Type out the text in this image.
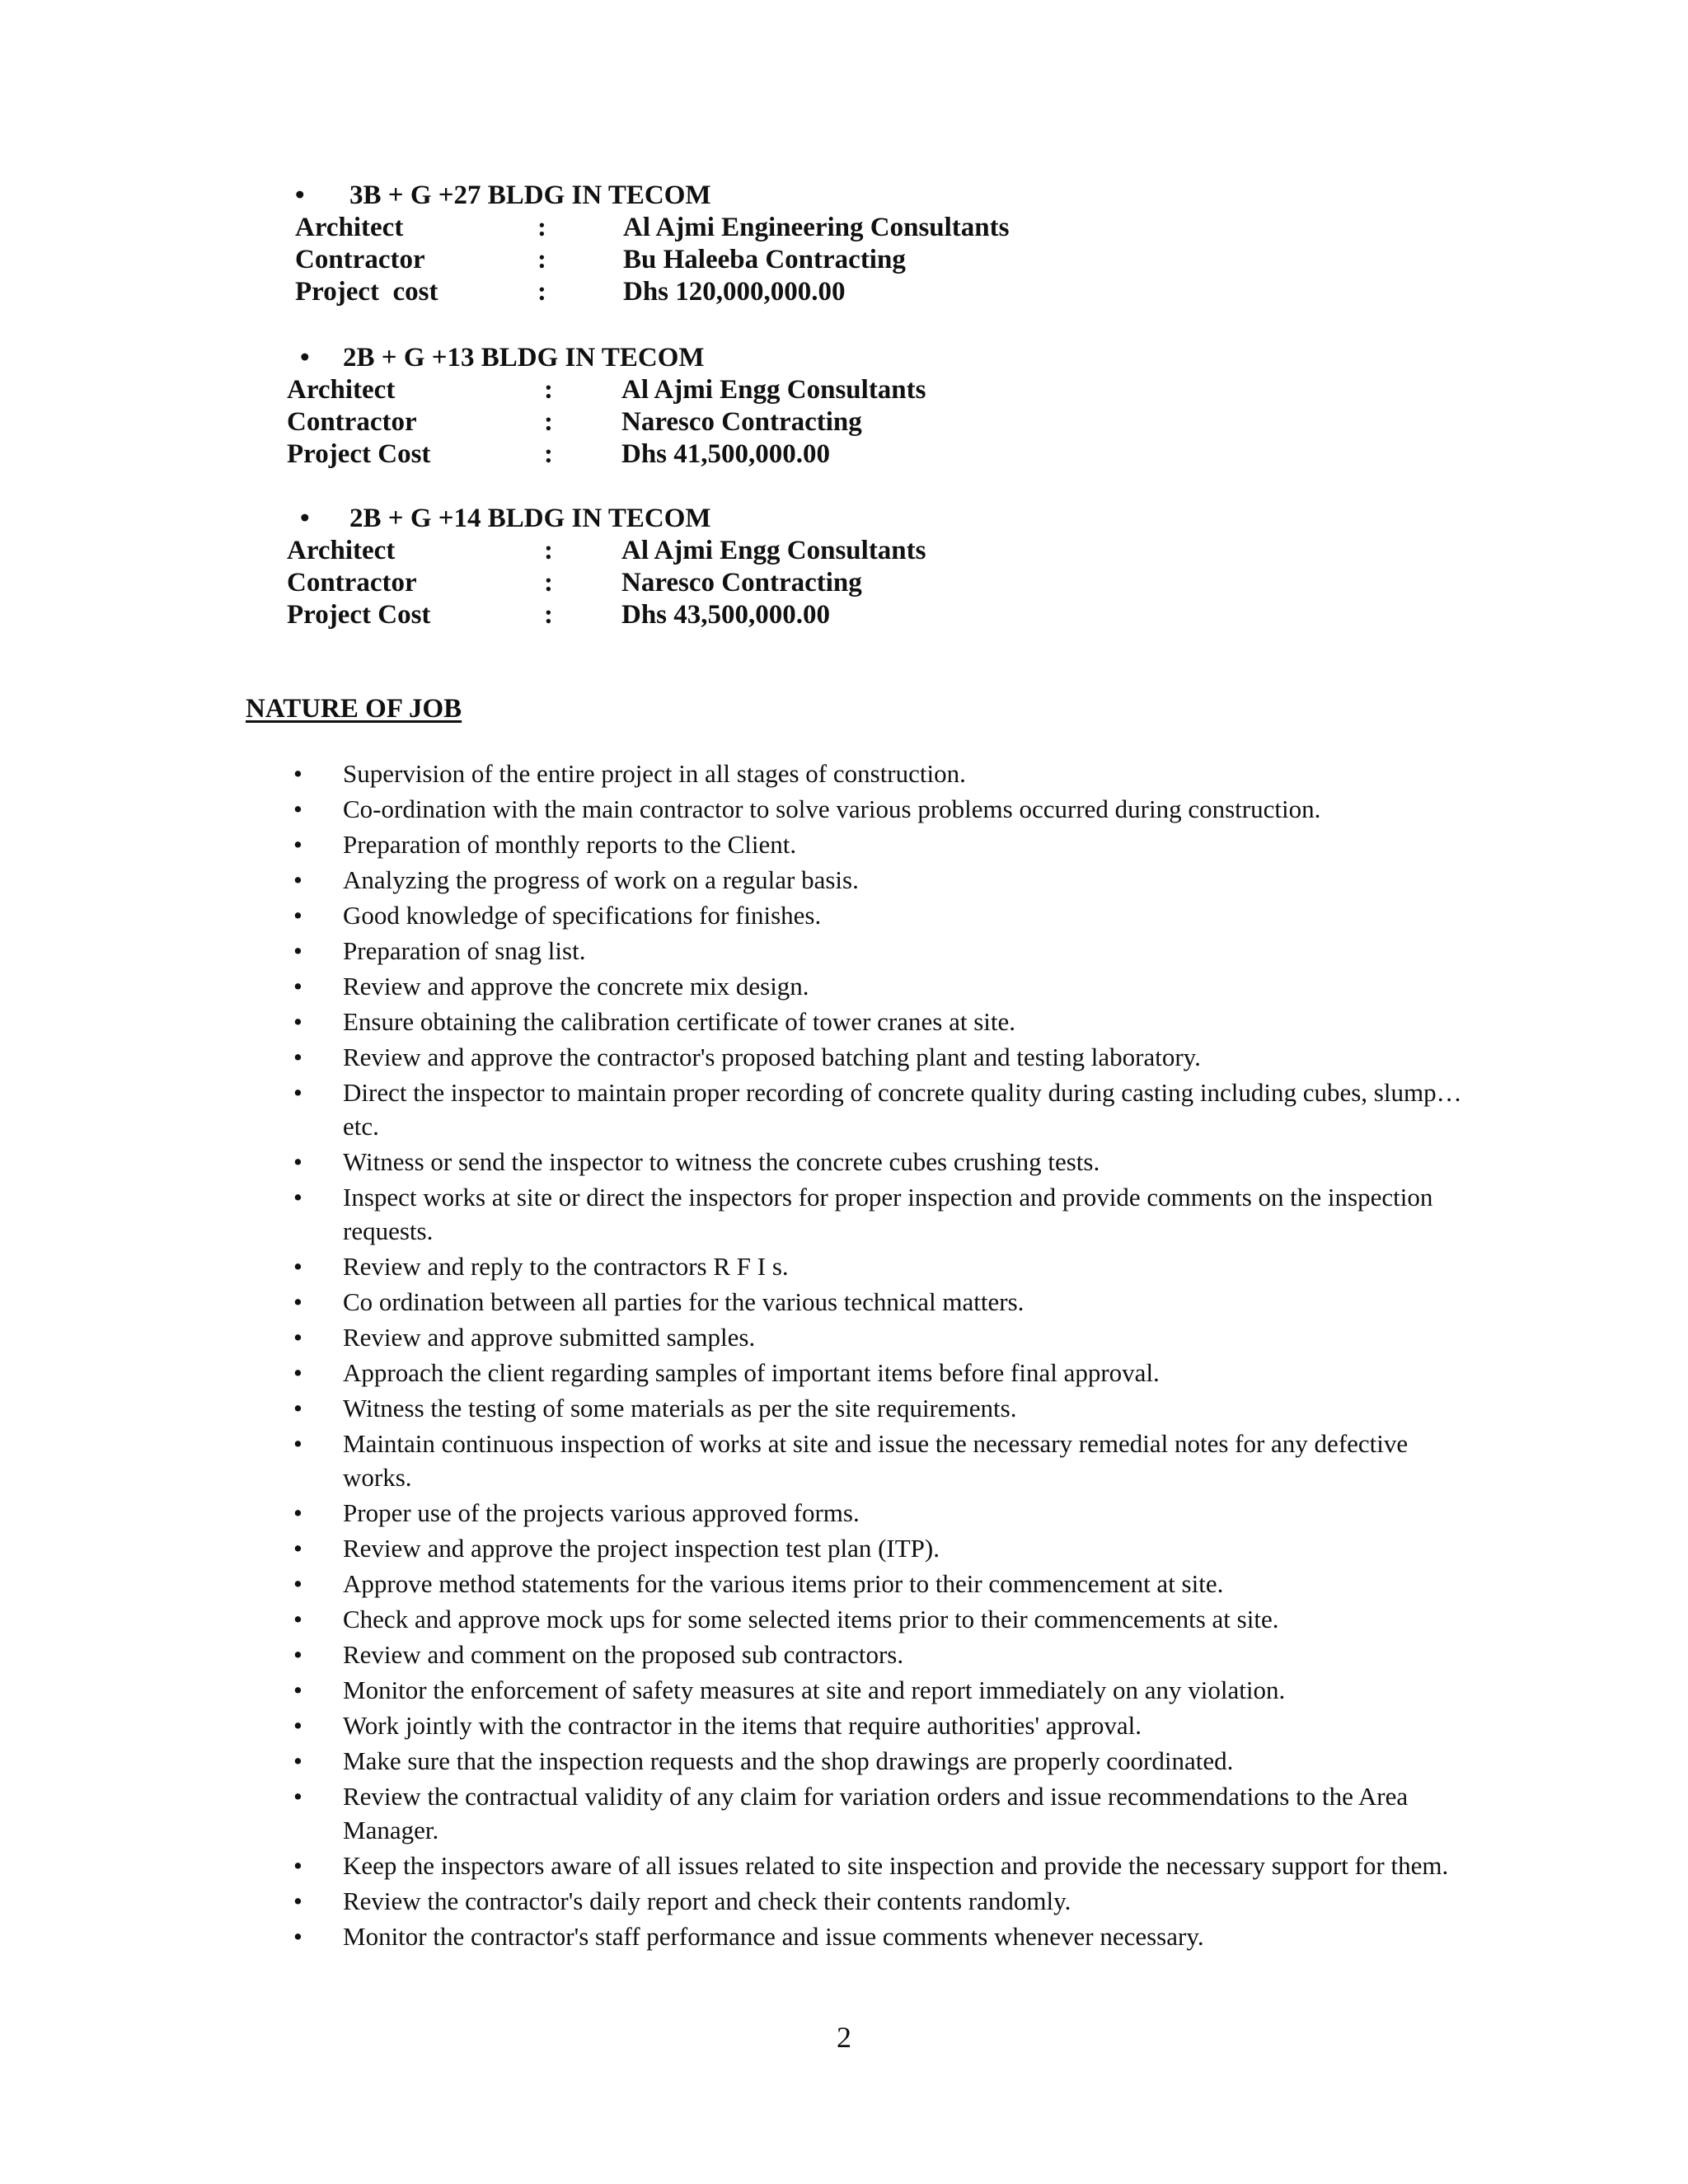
• 3B + G +27 BLDG IN TECOM
Architect	:	Al Ajmi Engineering Consultants
Contractor	:	Bu Haleeba Contracting
Project  cost	:	Dhs 120,000,000.00
• 2B + G +13 BLDG IN TECOM
Architect	:	Al Ajmi Engg Consultants
Contractor	:	Naresco Contracting
Project Cost	:	Dhs 41,500,000.00
• 2B + G +14 BLDG IN TECOM
Architect	:	Al Ajmi Engg Consultants
Contractor	:	Naresco Contracting
Project Cost	:	Dhs 43,500,000.00
NATURE OF JOB
• Supervision of the entire project in all stages of construction.
• Co-ordination with the main contractor to solve various problems occurred during construction.
• Preparation of monthly reports to the Client.
• Analyzing the progress of work on a regular basis.
• Good knowledge of specifications for finishes.
• Preparation of snag list.
• Review and approve the concrete mix design.
• Ensure obtaining the calibration certificate of tower cranes at site.
• Review and approve the contractor's proposed batching plant and testing laboratory.
• Direct the inspector to maintain proper recording of concrete quality during casting including cubes, slump…etc.
• Witness or send the inspector to witness the concrete cubes crushing tests.
• Inspect works at site or direct the inspectors for proper inspection and provide comments on the inspection requests.
• Review and reply to the contractors R F I s.
• Co ordination between all parties for the various technical matters.
• Review and approve submitted samples.
• Approach the client regarding samples of important items before final approval.
• Witness the testing of some materials as per the site requirements.
• Maintain continuous inspection of works at site and issue the necessary remedial notes for any defective works.
• Proper use of the projects various approved forms.
• Review and approve the project inspection test plan (ITP).
• Approve method statements for the various items prior to their commencement at site.
• Check and approve mock ups for some selected items prior to their commencements at site.
• Review and comment on the proposed sub contractors.
• Monitor the enforcement of safety measures at site and report immediately on any violation.
• Work jointly with the contractor in the items that require authorities' approval.
• Make sure that the inspection requests and the shop drawings are properly coordinated.
• Review the contractual validity of any claim for variation orders and issue recommendations to the Area Manager.
• Keep the inspectors aware of all issues related to site inspection and provide the necessary support for them.
• Review the contractor's daily report and check their contents randomly.
• Monitor the contractor's staff performance and issue comments whenever necessary.
2
